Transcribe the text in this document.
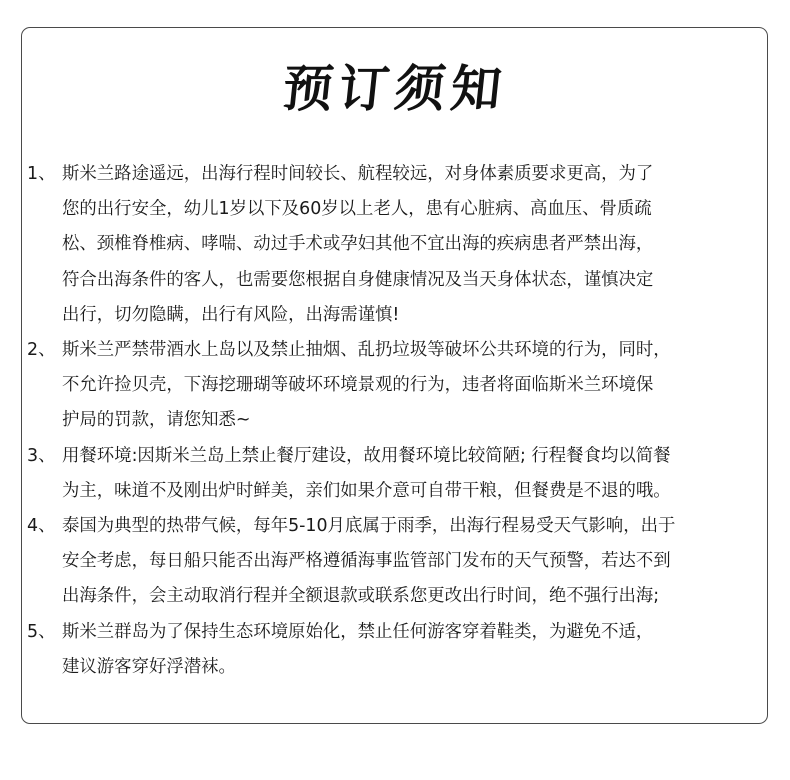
预订须知
1、 斯米兰路途遥远，出海行程时间较长、航程较远，对身体素质要求更高，为了
您的出行安全，幼儿1岁以下及60岁以上老人，患有心脏病、高血压、骨质疏
松、颈椎脊椎病、哮喘、动过手术或孕妇其他不宜出海的疾病患者严禁出海，
符合出海条件的客人，也需要您根据自身健康情况及当天身体状态，谨慎决定
出行，切勿隐瞒，出行有风险，出海需谨慎!
2、 斯米兰严禁带酒水上岛以及禁止抽烟、乱扔垃圾等破坏公共环境的行为，同时，
不允许捡贝壳，下海挖珊瑚等破坏环境景观的行为，违者将面临斯米兰环境保
护局的罚款，请您知悉~
3、 用餐环境:因斯米兰岛上禁止餐厅建设，故用餐环境比较简陋; 行程餐食均以简餐
为主，味道不及刚出炉时鲜美，亲们如果介意可自带干粮，但餐费是不退的哦。
4、 泰国为典型的热带气候，每年5-10月底属于雨季，出海行程易受天气影响，出于
安全考虑，每日船只能否出海严格遵循海事监管部门发布的天气预警，若达不到
出海条件，会主动取消行程并全额退款或联系您更改出行时间，绝不强行出海;
5、 斯米兰群岛为了保持生态环境原始化，禁止任何游客穿着鞋类，为避免不适，
建议游客穿好浮潜袜。
